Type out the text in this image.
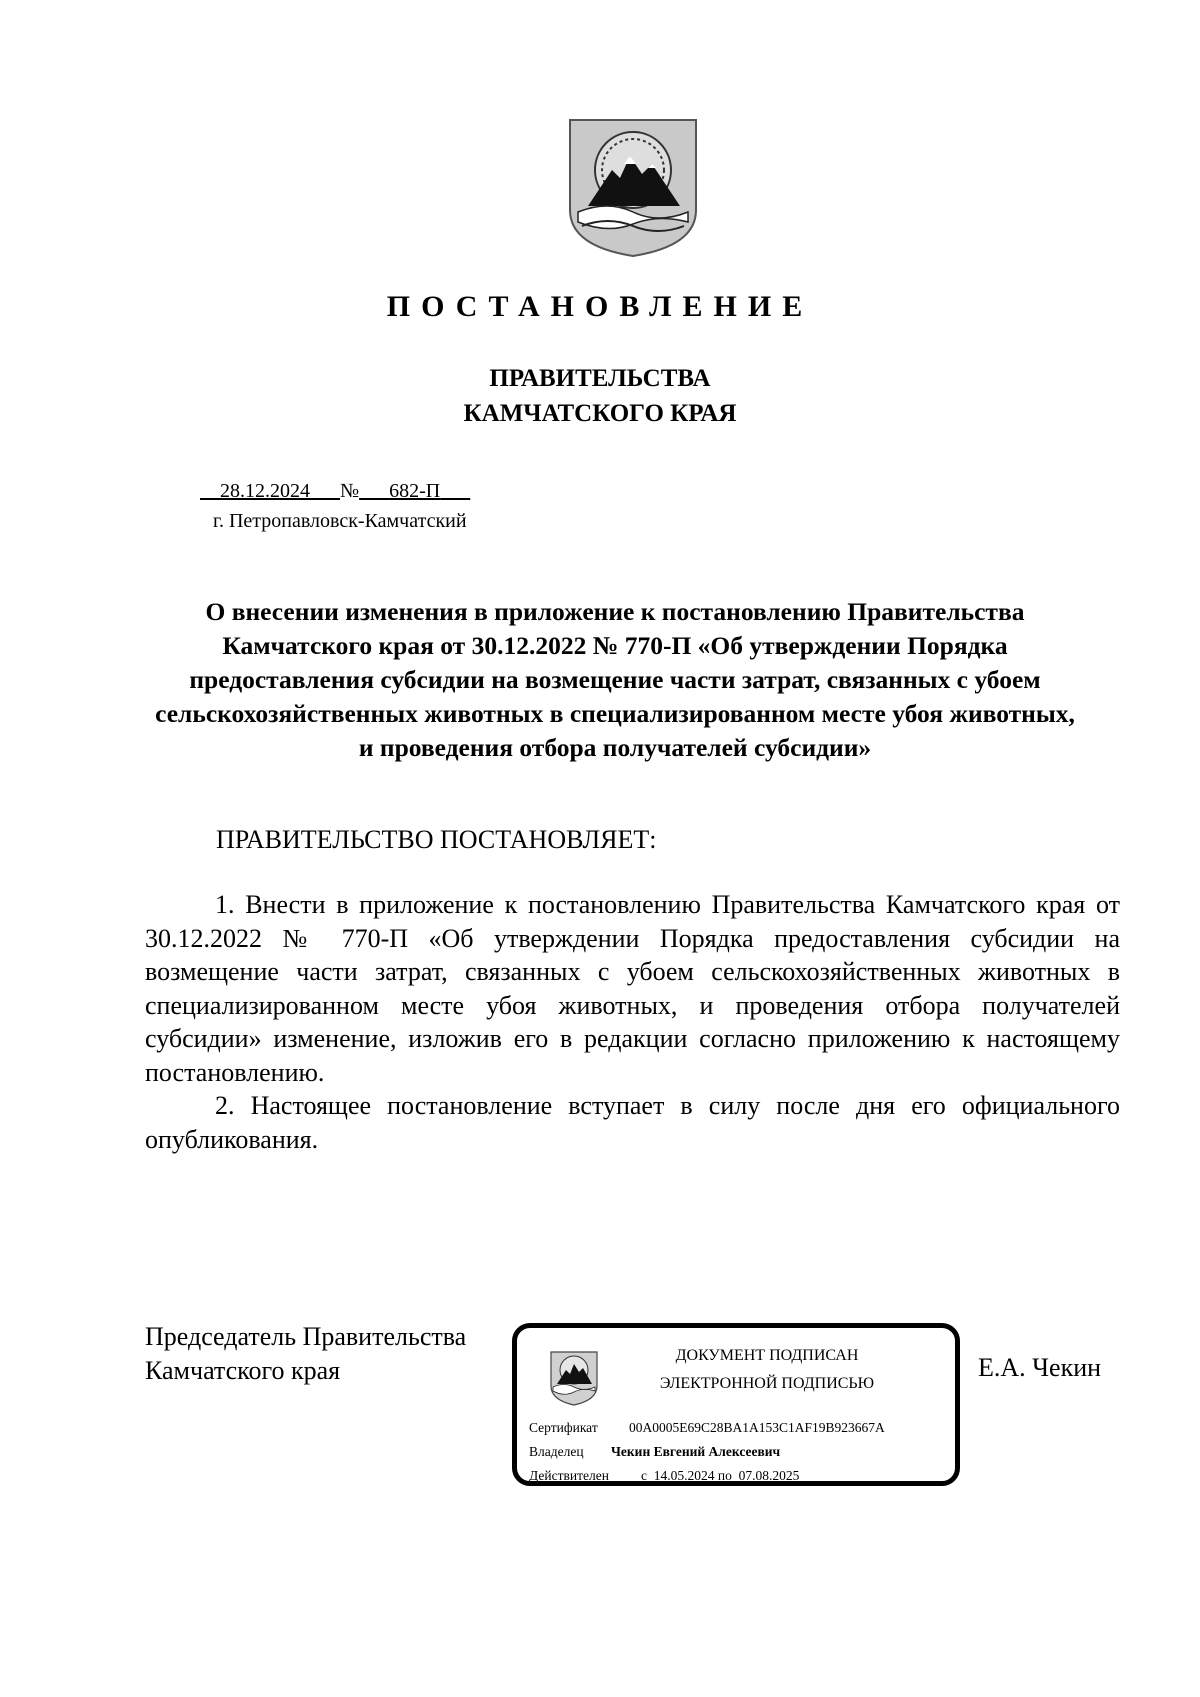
ПОСТАНОВЛЕНИЕ
ПРАВИТЕЛЬСТВА
КАМЧАТСКОГО КРАЯ
28.12.2024 № 682-П
г. Петропавловск-Камчатский
О внесении изменения в приложение к постановлению Правительства Камчатского края от 30.12.2022 № 770-П «Об утверждении Порядка предоставления субсидии на возмещение части затрат, связанных с убоем сельскохозяйственных животных в специализированном месте убоя животных, и проведения отбора получателей субсидии»
ПРАВИТЕЛЬСТВО ПОСТАНОВЛЯЕТ:

1. Внести в приложение к постановлению Правительства Камчатского края от 30.12.2022 № 770-П «Об утверждении Порядка предоставления субсидии на возмещение части затрат, связанных с убоем сельскохозяйственных животных в специализированном месте убоя животных, и проведения отбора получателей субсидии» изменение, изложив его в редакции согласно приложению к настоящему постановлению.

2. Настоящее постановление вступает в силу после дня его официального опубликования.

Председатель Правительства
Камчатского края
ДОКУМЕНТ ПОДПИСАН
ЭЛЕКТРОННОЙ ПОДПИСЬЮ
Сертификат 00A0005E69C28BA1A153C1AF19B923667A
Владелец Чекин Евгений Алексеевич
Действителен с  14.05.2024 по  07.08.2025
Е.А. Чекин
